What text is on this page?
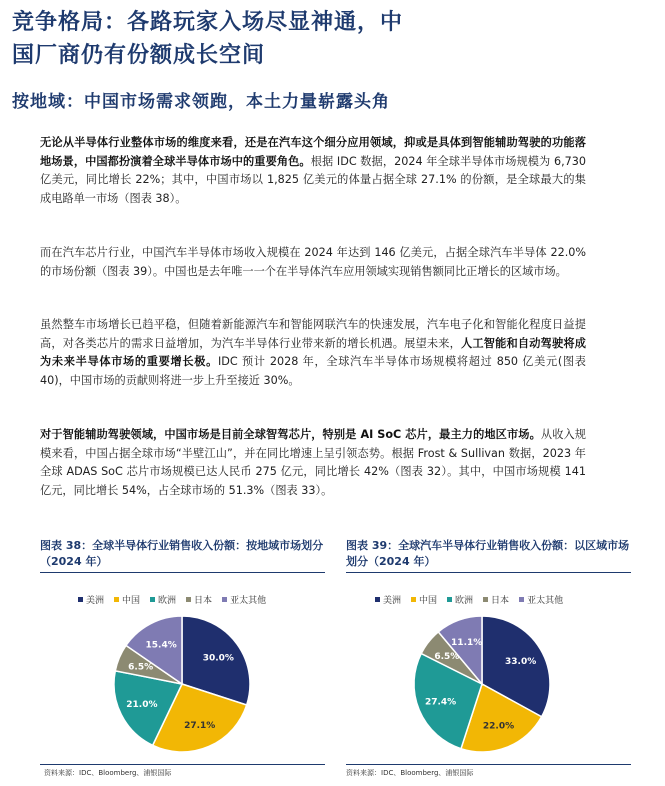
竞争格局：各路玩家入场尽显神通，中
国厂商仍有份额成长空间
按地域：中国市场需求领跑，本土力量崭露头角

无论从半导体行业整体市场的维度来看，还是在汽车这个细分应用领域，抑或是具体到智能辅助驾驶的功能落地场景，中国都扮演着全球半导体市场中的重要角色。根据 IDC 数据，2024 年全球半导体市场规模为 6,730 亿美元，同比增长 22%；其中，中国市场以 1,825 亿美元的体量占据全球 27.1% 的份额，是全球最大的集成电路单一市场（图表 38）。

而在汽车芯片行业，中国汽车半导体市场收入规模在 2024 年达到 146 亿美元，占据全球汽车半导体 22.0%的市场份额（图表 39）。中国也是去年唯一一个在半导体汽车应用领域实现销售额同比正增长的区域市场。

虽然整车市场增长已趋平稳，但随着新能源汽车和智能网联汽车的快速发展，汽车电子化和智能化程度日益提高，对各类芯片的需求日益增加，为汽车半导体行业带来新的增长机遇。展望未来，人工智能和自动驾驶将成为未来半导体市场的重要增长极。IDC 预计 2028 年，全球汽车半导体市场规模将超过 850 亿美元(图表 40)，中国市场的贡献则将进一步上升至接近 30%。

对于智能辅助驾驶领域，中国市场是目前全球智驾芯片，特别是 AI SoC 芯片，最主力的地区市场。从收入规模来看，中国占据全球市场“半壁江山”，并在同比增速上呈引领态势。根据 Frost & Sullivan 数据，2023 年全球 ADAS SoC 芯片市场规模已达人民币 275 亿元，同比增长 42%（图表 32）。其中，中国市场规模 141 亿元，同比增长 54%，占全球市场的 51.3%（图表 33）。

图表 38：全球半导体行业销售收入份额：按地域市场划分（2024 年）
美洲 中国 欧洲 日本 亚太其他
30.0%
27.1%
21.0%
6.5%
15.4%
资料来源：IDC、Bloomberg、浦银国际
图表 39：全球汽车半导体行业销售收入份额：以区域市场划分（2024 年）
美洲 中国 欧洲 日本 亚太其他
33.0%
22.0%
27.4%
6.5%
11.1%
资料来源：IDC、Bloomberg、浦银国际
